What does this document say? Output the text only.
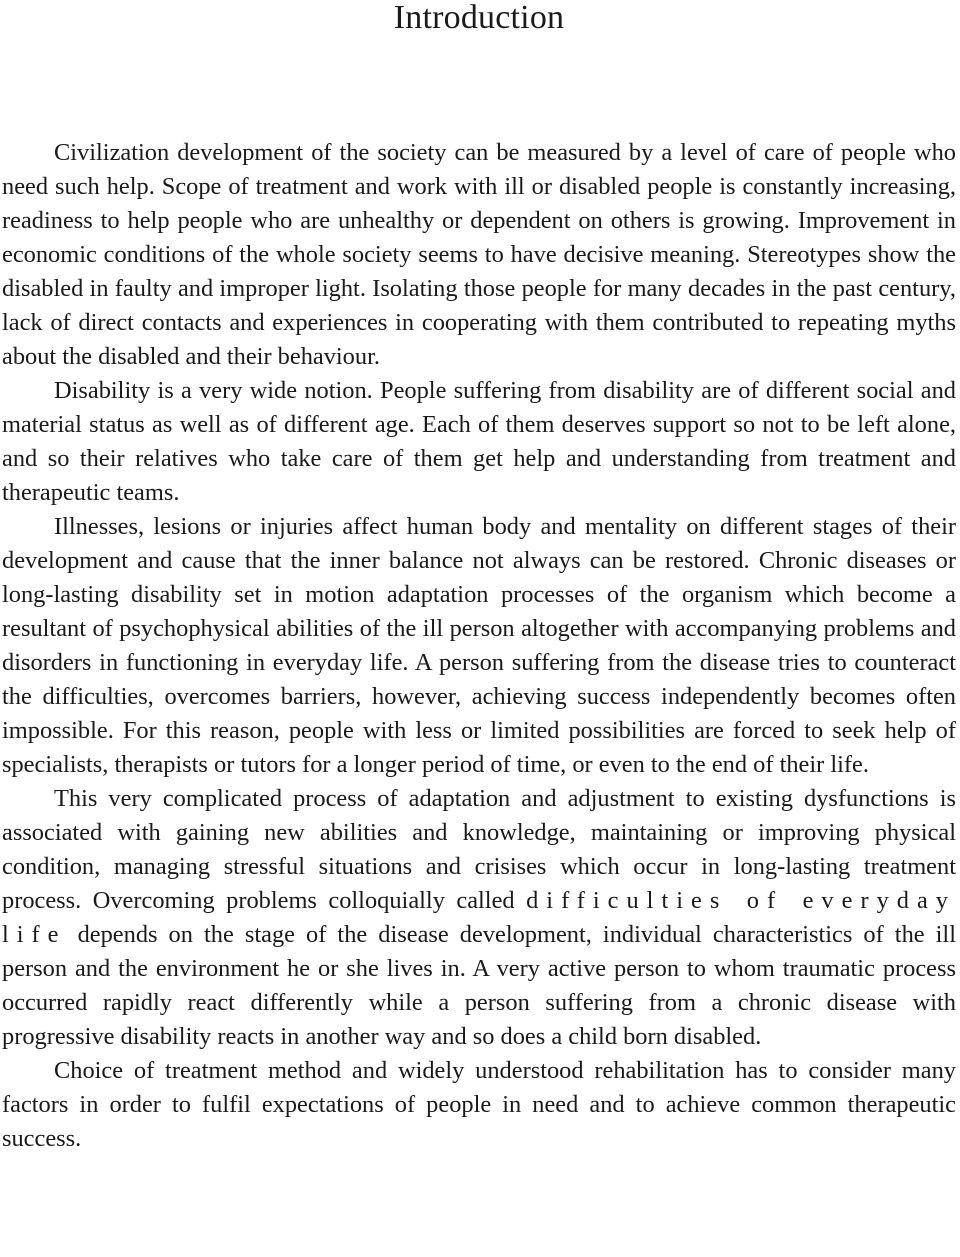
Introduction

Civilization development of the society can be measured by a level of care of people who need such help. Scope of treatment and work with ill or disabled people is constantly increasing, readiness to help people who are unhealthy or dependent on others is growing. Improvement in economic conditions of the whole society seems to have decisive meaning. Stereotypes show the disabled in faulty and improper light. Isolating those people for many decades in the past century, lack of direct contacts and experiences in cooperating with them contributed to repeating myths about the disabled and their behaviour.

Disability is a very wide notion. People suffering from disability are of different social and material status as well as of different age. Each of them deserves support so not to be left alone, and so their relatives who take care of them get help and understanding from treatment and therapeutic teams.

Illnesses, lesions or injuries affect human body and mentality on different stages of their development and cause that the inner balance not always can be restored. Chronic diseases or long-lasting disability set in motion adaptation processes of the organism which become a resultant of psychophysical abilities of the ill person altogether with accompanying problems and disorders in functioning in everyday life. A person suffering from the disease tries to counteract the difficulties, overcomes barriers, however, achieving success independently becomes often impossible. For this reason, people with less or limited possibilities are forced to seek help of specialists, therapists or tutors for a longer period of time, or even to the end of their life.

This very complicated process of adaptation and adjustment to existing dysfunctions is associated with gaining new abilities and knowledge, maintaining or improving physical condition, managing stressful situations and crisises which occur in long-lasting treatment process. Overcoming problems colloquially called difficulties of everyday life depends on the stage of the disease development, individual characteristics of the ill person and the environment he or she lives in. A very active person to whom traumatic process occurred rapidly react differently while a person suffering from a chronic disease with progressive disability reacts in another way and so does a child born disabled.

Choice of treatment method and widely understood rehabilitation has to consider many factors in order to fulfil expectations of people in need and to achieve common therapeutic success.
